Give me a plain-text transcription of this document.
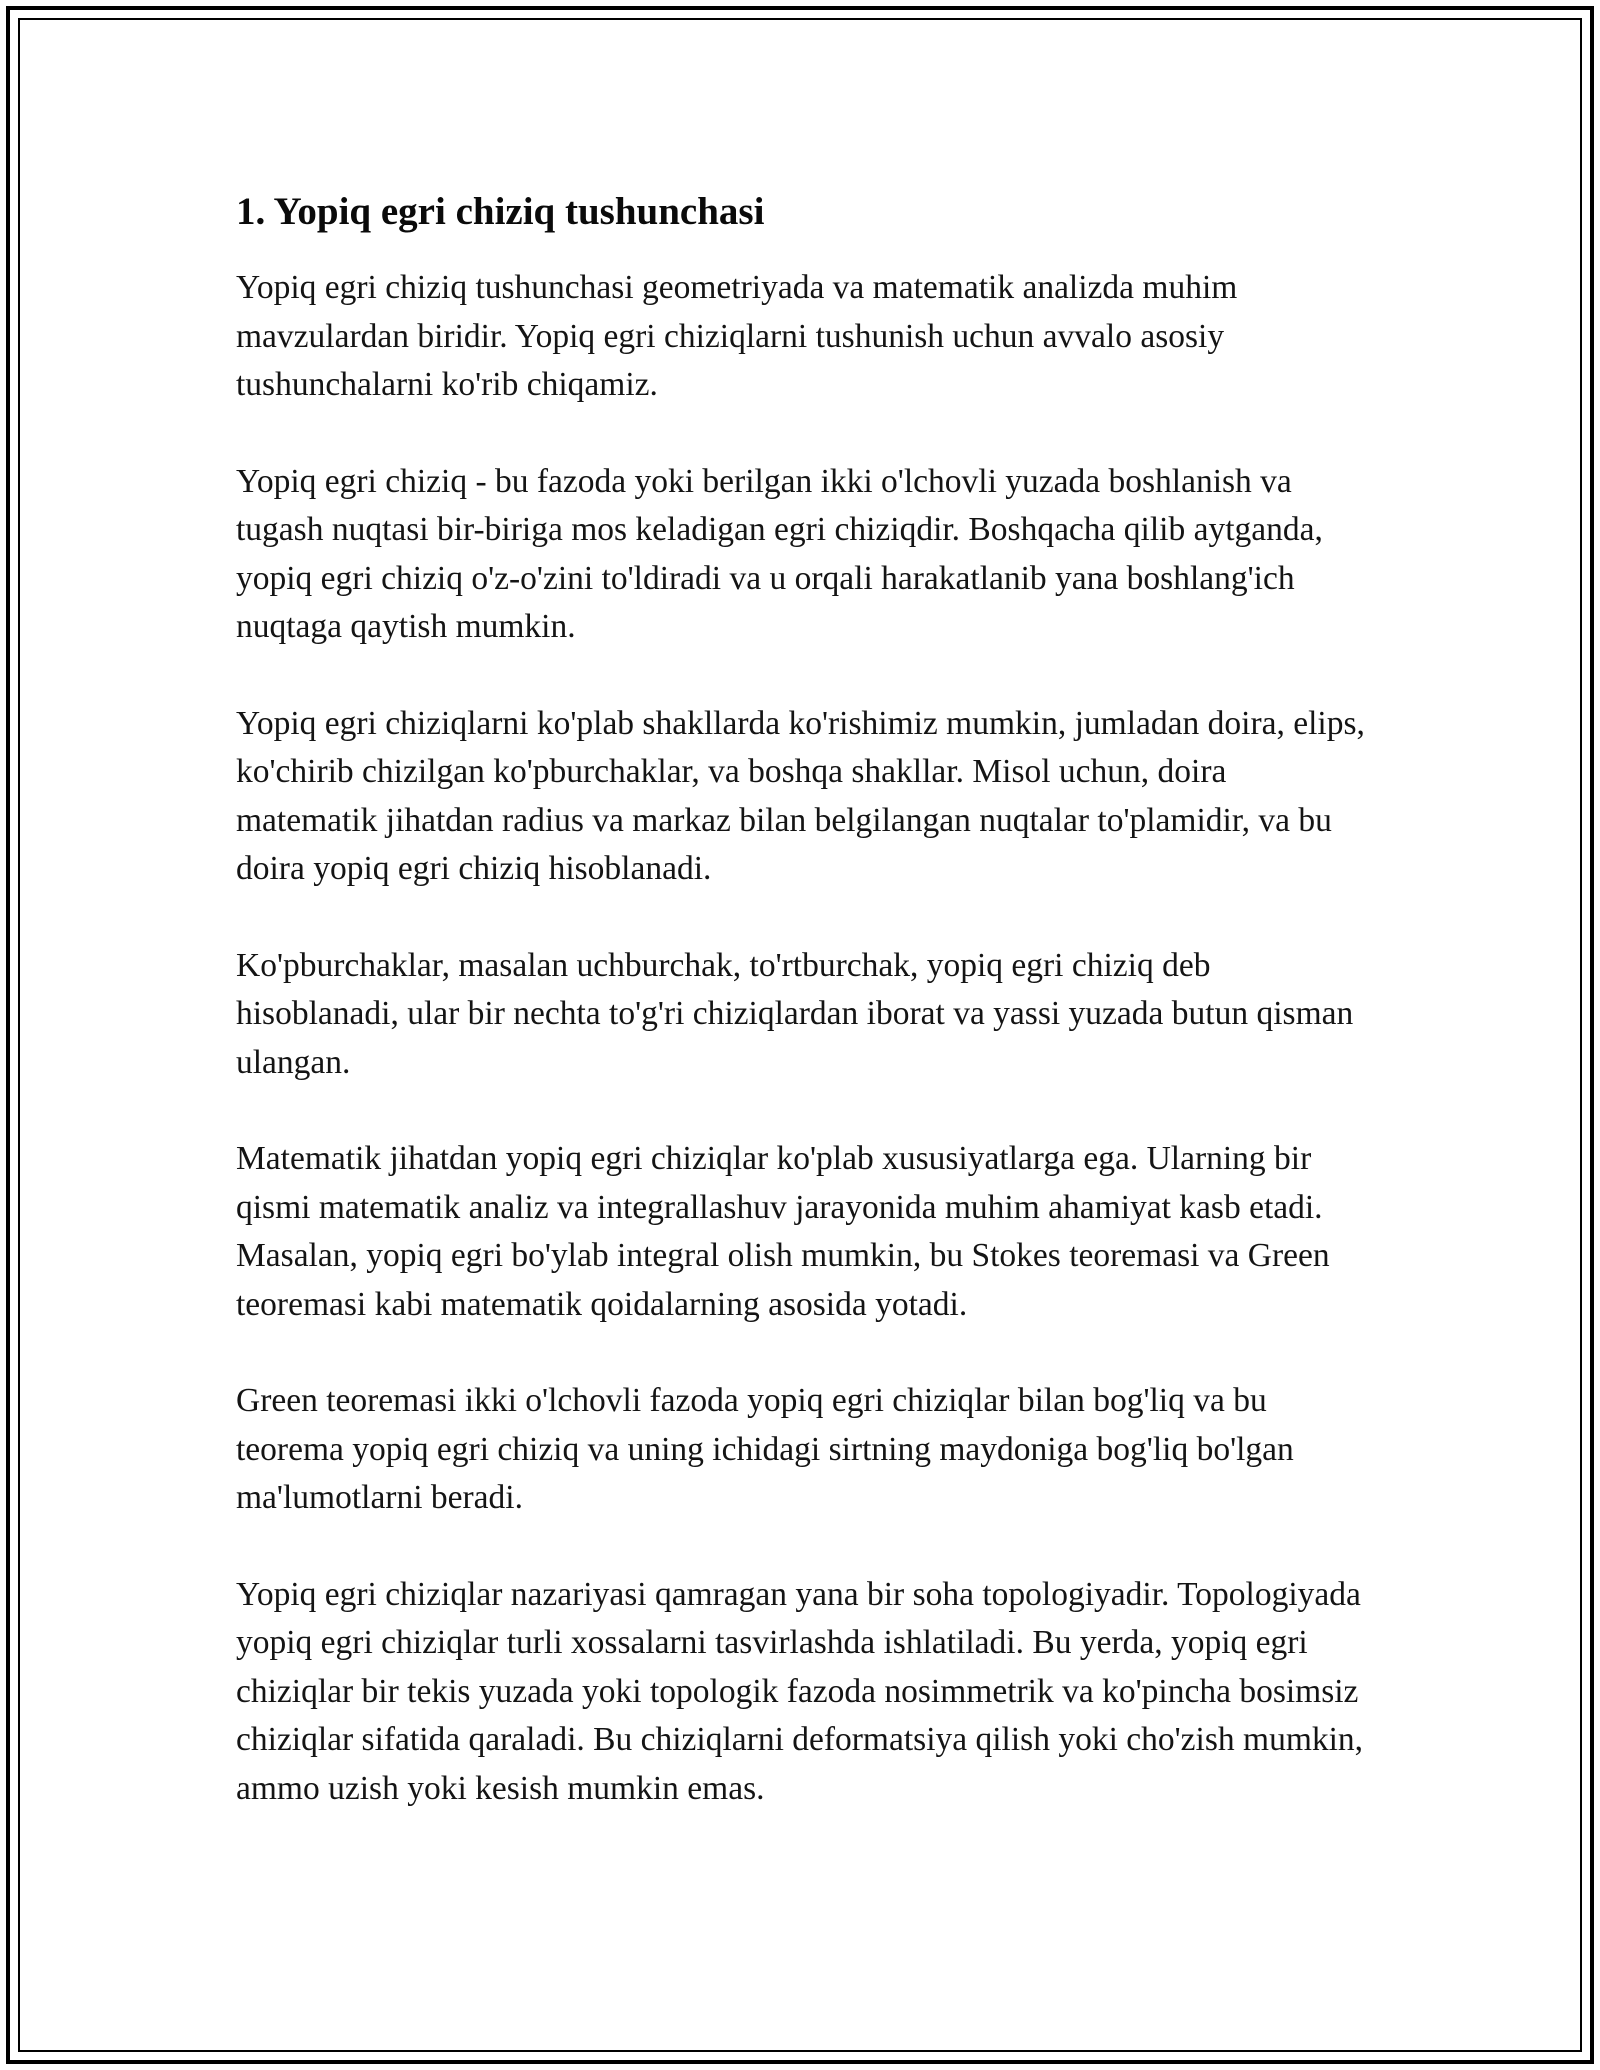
1. Yopiq egri chiziq tushunchasi

Yopiq egri chiziq tushunchasi geometriyada va matematik analizda muhim mavzulardan biridir. Yopiq egri chiziqlarni tushunish uchun avvalo asosiy tushunchalarni ko'rib chiqamiz.

Yopiq egri chiziq - bu fazoda yoki berilgan ikki o'lchovli yuzada boshlanish va tugash nuqtasi bir-biriga mos keladigan egri chiziqdir. Boshqacha qilib aytganda, yopiq egri chiziq o'z-o'zini to'ldiradi va u orqali harakatlanib yana boshlang'ich nuqtaga qaytish mumkin.

Yopiq egri chiziqlarni ko'plab shakllarda ko'rishimiz mumkin, jumladan doira, elips, ko'chirib chizilgan ko'pburchaklar, va boshqa shakllar. Misol uchun, doira matematik jihatdan radius va markaz bilan belgilangan nuqtalar to'plamidir, va bu doira yopiq egri chiziq hisoblanadi.

Ko'pburchaklar, masalan uchburchak, to'rtburchak, yopiq egri chiziq deb hisoblanadi, ular bir nechta to'g'ri chiziqlardan iborat va yassi yuzada butun qisman ulangan.

Matematik jihatdan yopiq egri chiziqlar ko'plab xususiyatlarga ega. Ularning bir qismi matematik analiz va integrallashuv jarayonida muhim ahamiyat kasb etadi. Masalan, yopiq egri bo'ylab integral olish mumkin, bu Stokes teoremasi va Green teoremasi kabi matematik qoidalarning asosida yotadi.

Green teoremasi ikki o'lchovli fazoda yopiq egri chiziqlar bilan bog'liq va bu teorema yopiq egri chiziq va uning ichidagi sirtning maydoniga bog'liq bo'lgan ma'lumotlarni beradi.

Yopiq egri chiziqlar nazariyasi qamragan yana bir soha topologiyadir. Topologiyada yopiq egri chiziqlar turli xossalarni tasvirlashda ishlatiladi. Bu yerda, yopiq egri chiziqlar bir tekis yuzada yoki topologik fazoda nosimmetrik va ko'pincha bosimsiz chiziqlar sifatida qaraladi. Bu chiziqlarni deformatsiya qilish yoki cho'zish mumkin, ammo uzish yoki kesish mumkin emas.
